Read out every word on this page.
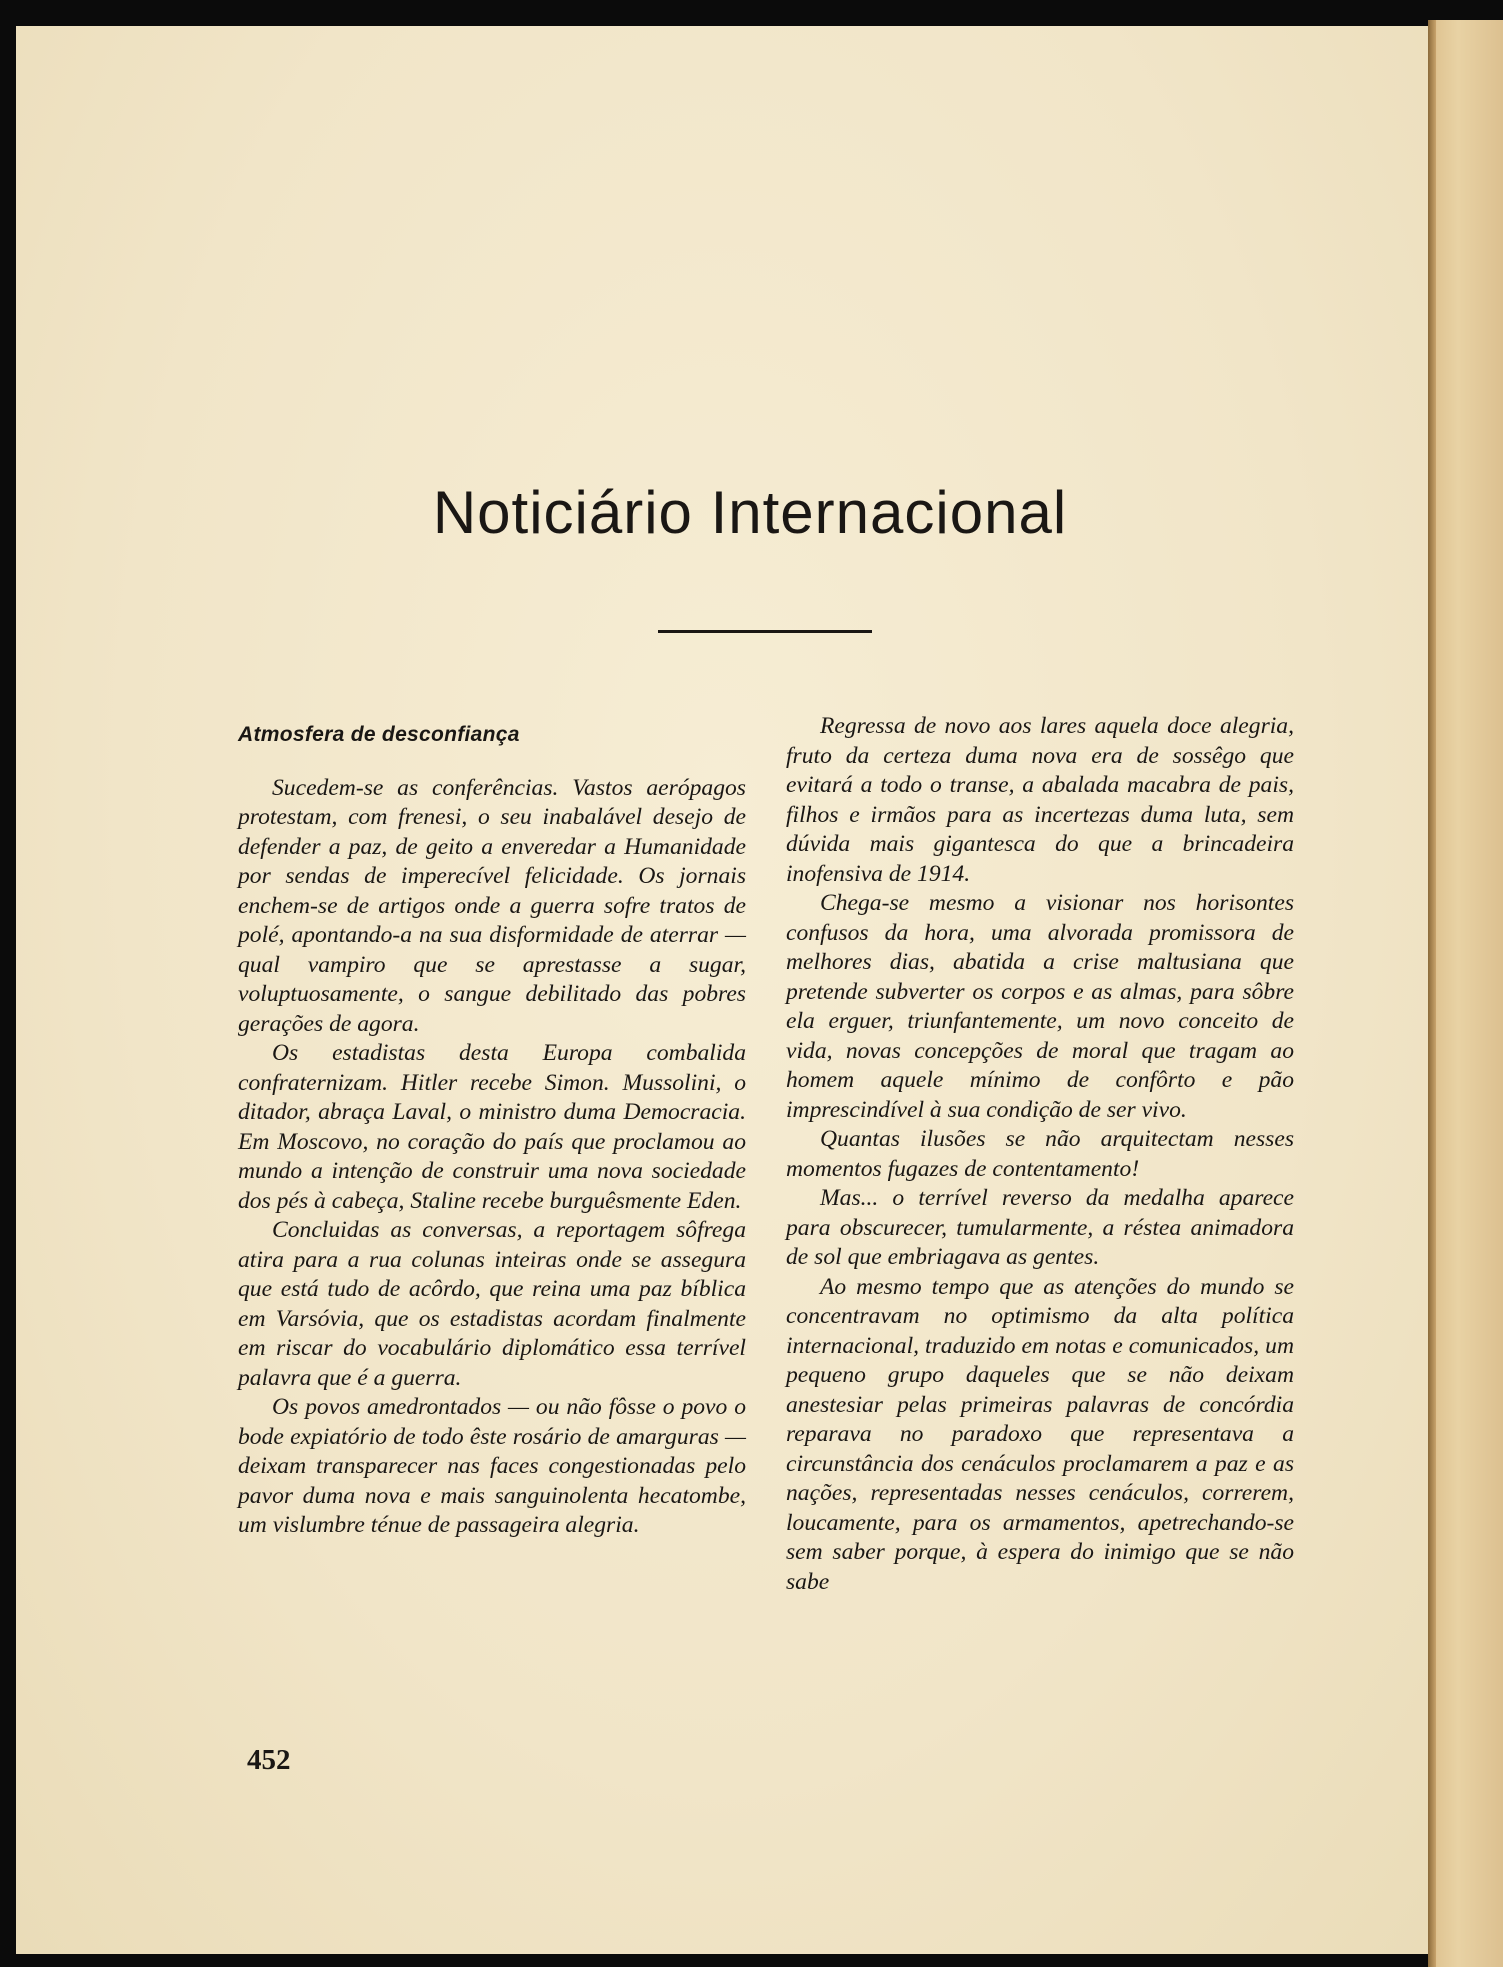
Noticiário Internacional
Atmosfera de desconfiança

Sucedem-se as conferências. Vastos aerópagos protestam, com frenesi, o seu inabalável desejo de defender a paz, de geito a enveredar a Humanidade por sendas de imperecível felicidade. Os jornais enchem-se de artigos onde a guerra sofre tratos de polé, apontando-a na sua disformidade de aterrar — qual vampiro que se aprestasse a sugar, voluptuosamente, o sangue debilitado das pobres gerações de agora.

Os estadistas desta Europa combalida confraternizam. Hitler recebe Simon. Mussolini, o ditador, abraça Laval, o ministro duma Democracia. Em Moscovo, no coração do país que proclamou ao mundo a intenção de construir uma nova sociedade dos pés à cabeça, Staline recebe burguêsmente Eden.

Concluidas as conversas, a reportagem sôfrega atira para a rua colunas inteiras onde se assegura que está tudo de acôrdo, que reina uma paz bíblica em Varsóvia, que os estadistas acordam finalmente em riscar do vocabulário diplomático essa terrível palavra que é a guerra.

Os povos amedrontados — ou não fôsse o povo o bode expiatório de todo êste rosário de amarguras — deixam transparecer nas faces congestionadas pelo pavor duma nova e mais sanguinolenta hecatombe, um vislumbre ténue de passageira alegria.

Regressa de novo aos lares aquela doce alegria, fruto da certeza duma nova era de sossêgo que evitará a todo o transe, a abalada macabra de pais, filhos e irmãos para as incertezas duma luta, sem dúvida mais gigantesca do que a brincadeira inofensiva de 1914.

Chega-se mesmo a visionar nos horisontes confusos da hora, uma alvorada promissora de melhores dias, abatida a crise maltusiana que pretende subverter os corpos e as almas, para sôbre ela erguer, triunfantemente, um novo conceito de vida, novas concepções de moral que tragam ao homem aquele mínimo de confôrto e pão imprescindível à sua condição de ser vivo.

Quantas ilusões se não arquitectam nesses momentos fugazes de contentamento!

Mas... o terrível reverso da medalha aparece para obscurecer, tumularmente, a réstea animadora de sol que embriagava as gentes.

Ao mesmo tempo que as atenções do mundo se concentravam no optimismo da alta política internacional, traduzido em notas e comunicados, um pequeno grupo daqueles que se não deixam anestesiar pelas primeiras palavras de concórdia reparava no paradoxo que representava a circunstância dos cenáculos proclamarem a paz e as nações, representadas nesses cenáculos, correrem, loucamente, para os armamentos, apetrechando-se sem saber porque, à espera do inimigo que se não sabe

452
